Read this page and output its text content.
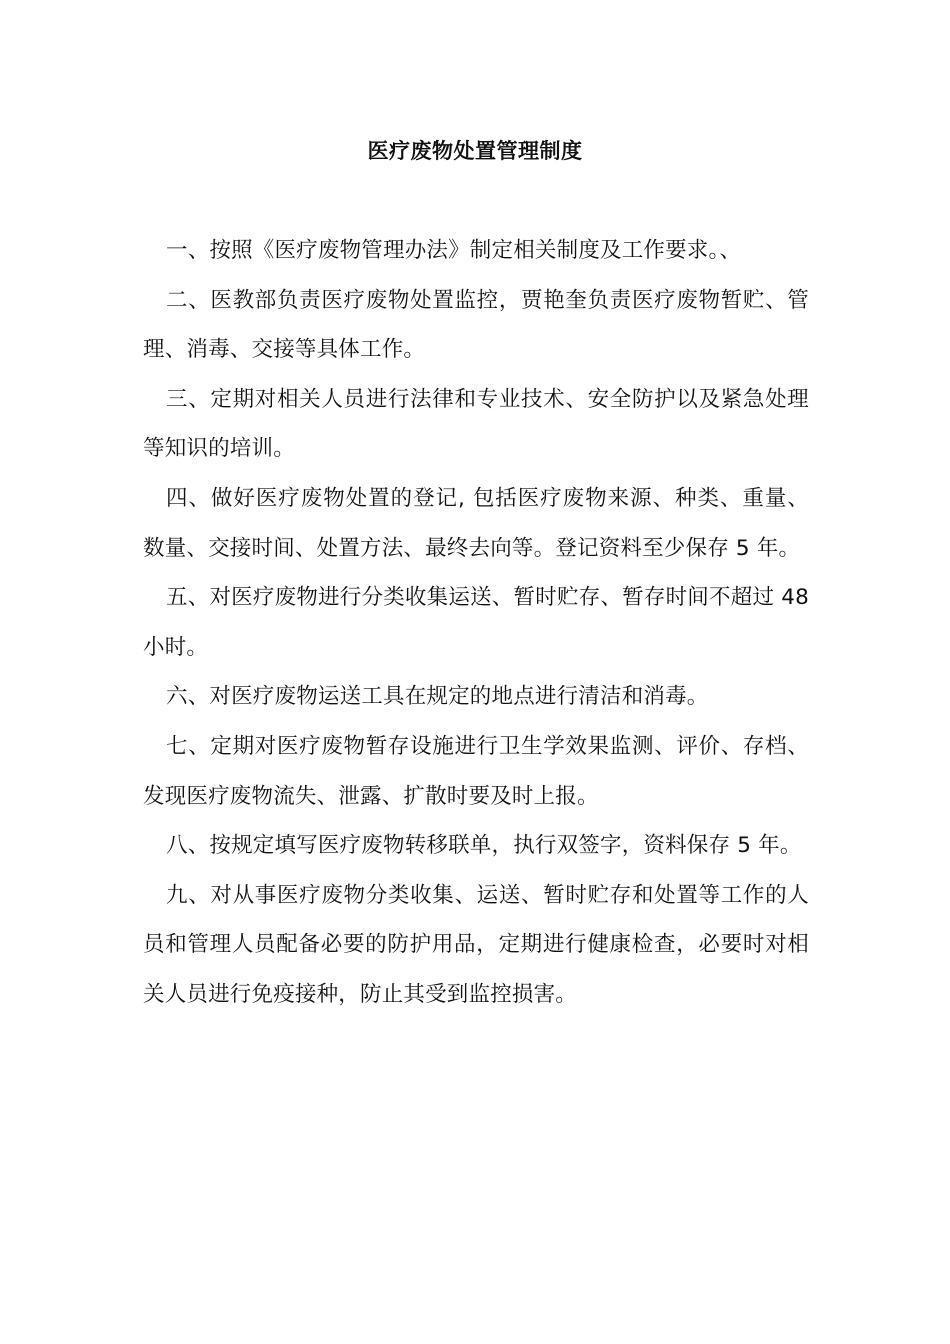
医疗废物处置管理制度

一、按照《医疗废物管理办法》制定相关制度及工作要求。、

二、医教部负责医疗废物处置监控，贾艳奎负责医疗废物暂贮、管理、消毒、交接等具体工作。

三、定期对相关人员进行法律和专业技术、安全防护以及紧急处理等知识的培训。

四、做好医疗废物处置的登记, 包括医疗废物来源、种类、重量、数量、交接时间、处置方法、最终去向等。登记资料至少保存 5 年。

五、对医疗废物进行分类收集运送、暂时贮存、暂存时间不超过 48 小时。

六、对医疗废物运送工具在规定的地点进行清洁和消毒。

七、定期对医疗废物暂存设施进行卫生学效果监测、评价、存档、发现医疗废物流失、泄露、扩散时要及时上报。

八、按规定填写医疗废物转移联单，执行双签字，资料保存 5 年。

九、对从事医疗废物分类收集、运送、暂时贮存和处置等工作的人员和管理人员配备必要的防护用品，定期进行健康检查，必要时对相关人员进行免疫接种，防止其受到监控损害。
